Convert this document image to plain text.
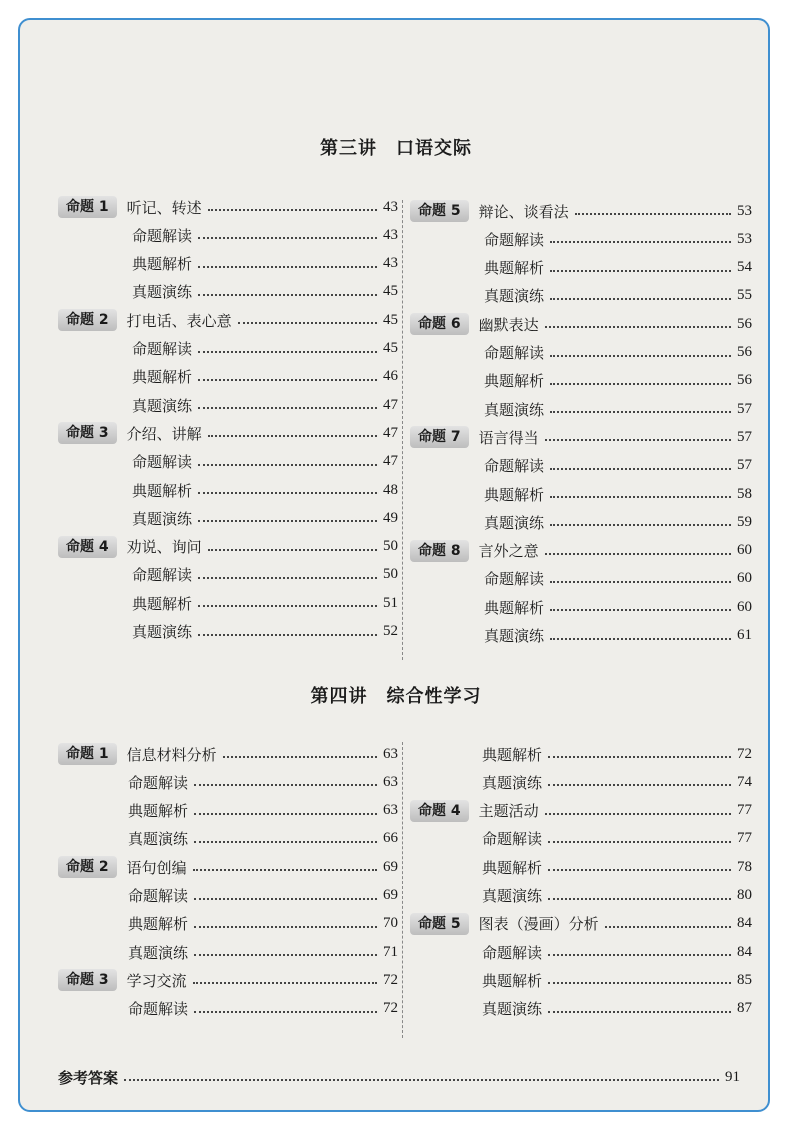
第三讲　口语交际
命题 1	听记、转述	43
命题解读	43
典题解析	43
真题演练	45
命题 2	打电话、表心意	45
命题解读	45
典题解析	46
真题演练	47
命题 3	介绍、讲解	47
命题解读	47
典题解析	48
真题演练	49
命题 4	劝说、询问	50
命题解读	50
典题解析	51
真题演练	52
命题 5	辩论、谈看法	53
命题解读	53
典题解析	54
真题演练	55
命题 6	幽默表达	56
命题解读	56
典题解析	56
真题演练	57
命题 7	语言得当	57
命题解读	57
典题解析	58
真题演练	59
命题 8	言外之意	60
命题解读	60
典题解析	60
真题演练	61
第四讲　综合性学习
命题 1	信息材料分析	63
命题解读	63
典题解析	63
真题演练	66
命题 2	语句创编	69
命题解读	69
典题解析	70
真题演练	71
命题 3	学习交流	72
命题解读	72
典题解析	72
真题演练	74
命题 4	主题活动	77
命题解读	77
典题解析	78
真题演练	80
命题 5	图表（漫画）分析	84
命题解读	84
典题解析	85
真题演练	87
参考答案	91
